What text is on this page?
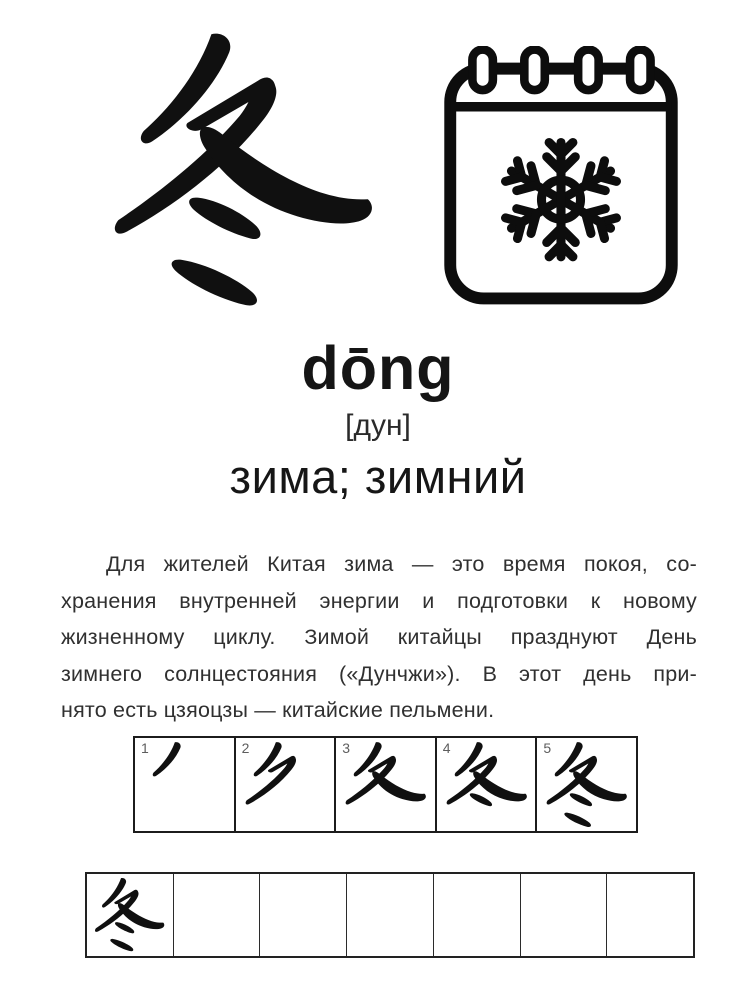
dōng
[дун]
зима; зимний
Для жителей Китая зима — это время покоя, со-
хранения внутренней энергии и подготовки к новому
жизненному циклу. Зимой китайцы празднуют День
зимнего солнцестояния («Дунчжи»). В этот день при-
нято есть цзяоцзы — китайские пельмени.
1	2	3	4	5
